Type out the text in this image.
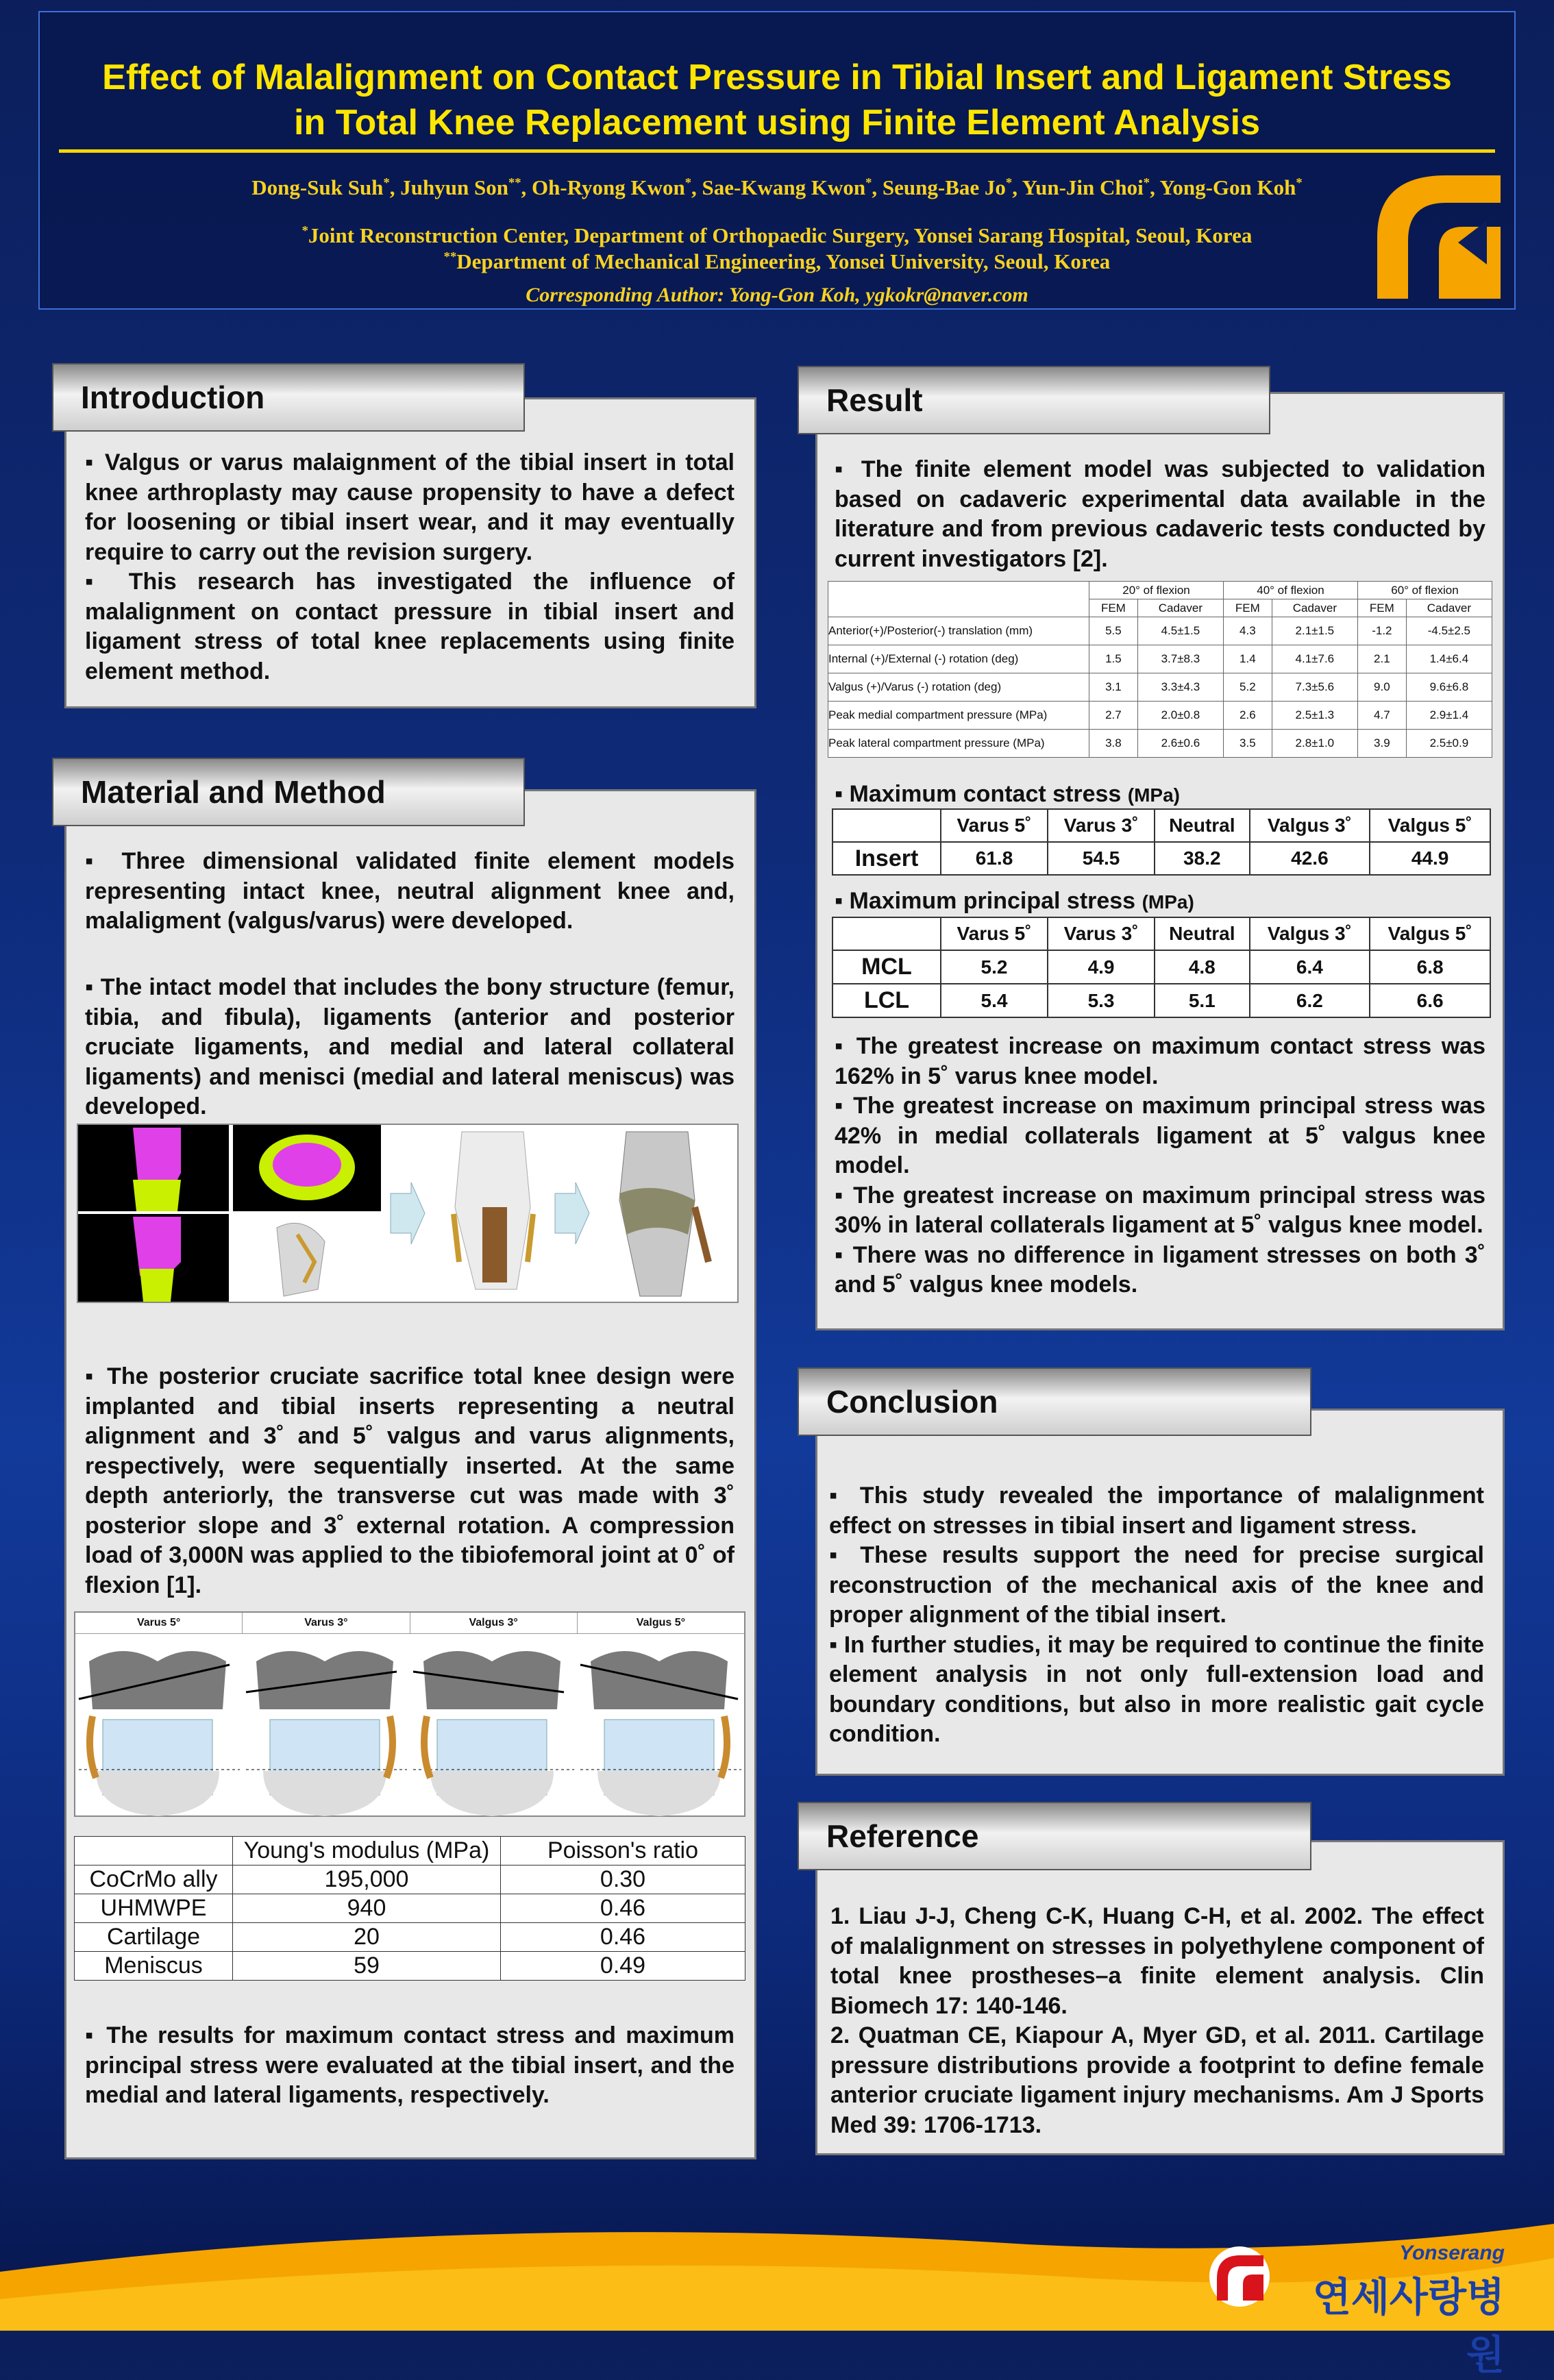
Effect of Malalignment on Contact Pressure in Tibial Insert and Ligament Stress
in Total Knee Replacement using Finite Element Analysis
Dong-Suk Suh*, Juhyun Son**, Oh-Ryong Kwon*, Sae-Kwang Kwon*, Seung-Bae Jo*, Yun-Jin Choi*, Yong-Gon Koh*
*Joint Reconstruction Center, Department of Orthopaedic Surgery, Yonsei Sarang Hospital, Seoul, Korea
**Department of Mechanical Engineering, Yonsei University, Seoul, Korea
Corresponding Author: Yong-Gon Koh, ygkokr@naver.com
Introduction

▪ Valgus or varus malaignment of the tibial insert in total knee arthroplasty may cause propensity to have a defect for loosening or tibial insert wear, and it may eventually require to carry out the revision surgery.

▪ This research has investigated the influence of malalignment on contact pressure in tibial insert and ligament stress of total knee replacements using finite element method.

Material and Method
▪ Three dimensional validated finite element models representing intact knee, neutral alignment knee and, malaligment (valgus/varus) were developed.
▪ The intact model that includes the bony structure (femur, tibia, and fibula), ligaments (anterior and posterior cruciate ligaments, and medial and lateral collateral ligaments) and menisci (medial and lateral meniscus) was developed.
▪ The posterior cruciate sacrifice total knee design were implanted and tibial inserts representing a neutral alignment and 3˚ and 5˚ valgus and varus alignments, respectively, were sequentially inserted. At the same depth anteriorly, the transverse cut was made with 3˚ posterior slope and 3˚ external rotation. A compression load of 3,000N was applied to the tibiofemoral joint at 0˚ of flexion [1].
Varus 5°	Varus 3°	Valgus 3°	Valgus 5°
	Young's modulus (MPa)	Poisson's ratio
CoCrMo ally	195,000	0.30
UHMWPE	940	0.46
Cartilage	20	0.46
Meniscus	59	0.49
▪ The results for maximum contact stress and maximum principal stress were evaluated at the tibial insert, and the medial and lateral ligaments, respectively.
Result
▪ The finite element model was subjected to validation based on cadaveric experimental data available in the literature and from previous cadaveric tests conducted by current investigators [2].
	20° of flexion		40° of flexion		60° of flexion	
	FEM	Cadaver	FEM	Cadaver	FEM	Cadaver
Anterior(+)/Posterior(-) translation (mm)	5.5	4.5±1.5	4.3	2.1±1.5	-1.2	-4.5±2.5
Internal (+)/External (-) rotation (deg)	1.5	3.7±8.3	1.4	4.1±7.6	2.1	1.4±6.4
Valgus (+)/Varus (-) rotation (deg)	3.1	3.3±4.3	5.2	7.3±5.6	9.0	9.6±6.8
Peak medial compartment pressure (MPa)	2.7	2.0±0.8	2.6	2.5±1.3	4.7	2.9±1.4
Peak lateral compartment pressure (MPa)	3.8	2.6±0.6	3.5	2.8±1.0	3.9	2.5±0.9
▪ Maximum contact stress (MPa)
	Varus 5˚	Varus 3˚	Neutral	Valgus 3˚	Valgus 5˚
Insert	61.8	54.5	38.2	42.6	44.9
▪ Maximum principal stress (MPa)
	Varus 5˚	Varus 3˚	Neutral	Valgus 3˚	Valgus 5˚
MCL	5.2	4.9	4.8	6.4	6.8
LCL	5.4	5.3	5.1	6.2	6.6

▪ The greatest increase on maximum contact stress was 162% in 5˚ varus knee model.

▪ The greatest increase on maximum principal stress was 42% in medial collaterals ligament at 5˚ valgus knee model.

▪ The greatest increase on maximum principal stress was 30% in lateral collaterals ligament at 5˚ valgus knee model.

▪ There was no difference in ligament stresses on both 3˚ and 5˚ valgus knee models.

Conclusion

▪ This study revealed the importance of malalignment effect on stresses in tibial insert and ligament stress.

▪ These results support the need for precise surgical reconstruction of the mechanical axis of the knee and proper alignment of the tibial insert.

▪ In further studies, it may be required to continue the finite element analysis in not only full-extension load and boundary conditions, but also in more realistic gait cycle condition.

Reference

1. Liau J-J, Cheng C-K, Huang C-H, et al. 2002. The effect of malalignment on stresses in polyethylene component of total knee prostheses–a finite element analysis. Clin Biomech 17: 140-146.

2. Quatman CE, Kiapour A, Myer GD, et al. 2011. Cartilage pressure distributions provide a footprint to define female anterior cruciate ligament injury mechanisms. Am J Sports Med 39: 1706-1713.

Yonserang
연세사랑병원
